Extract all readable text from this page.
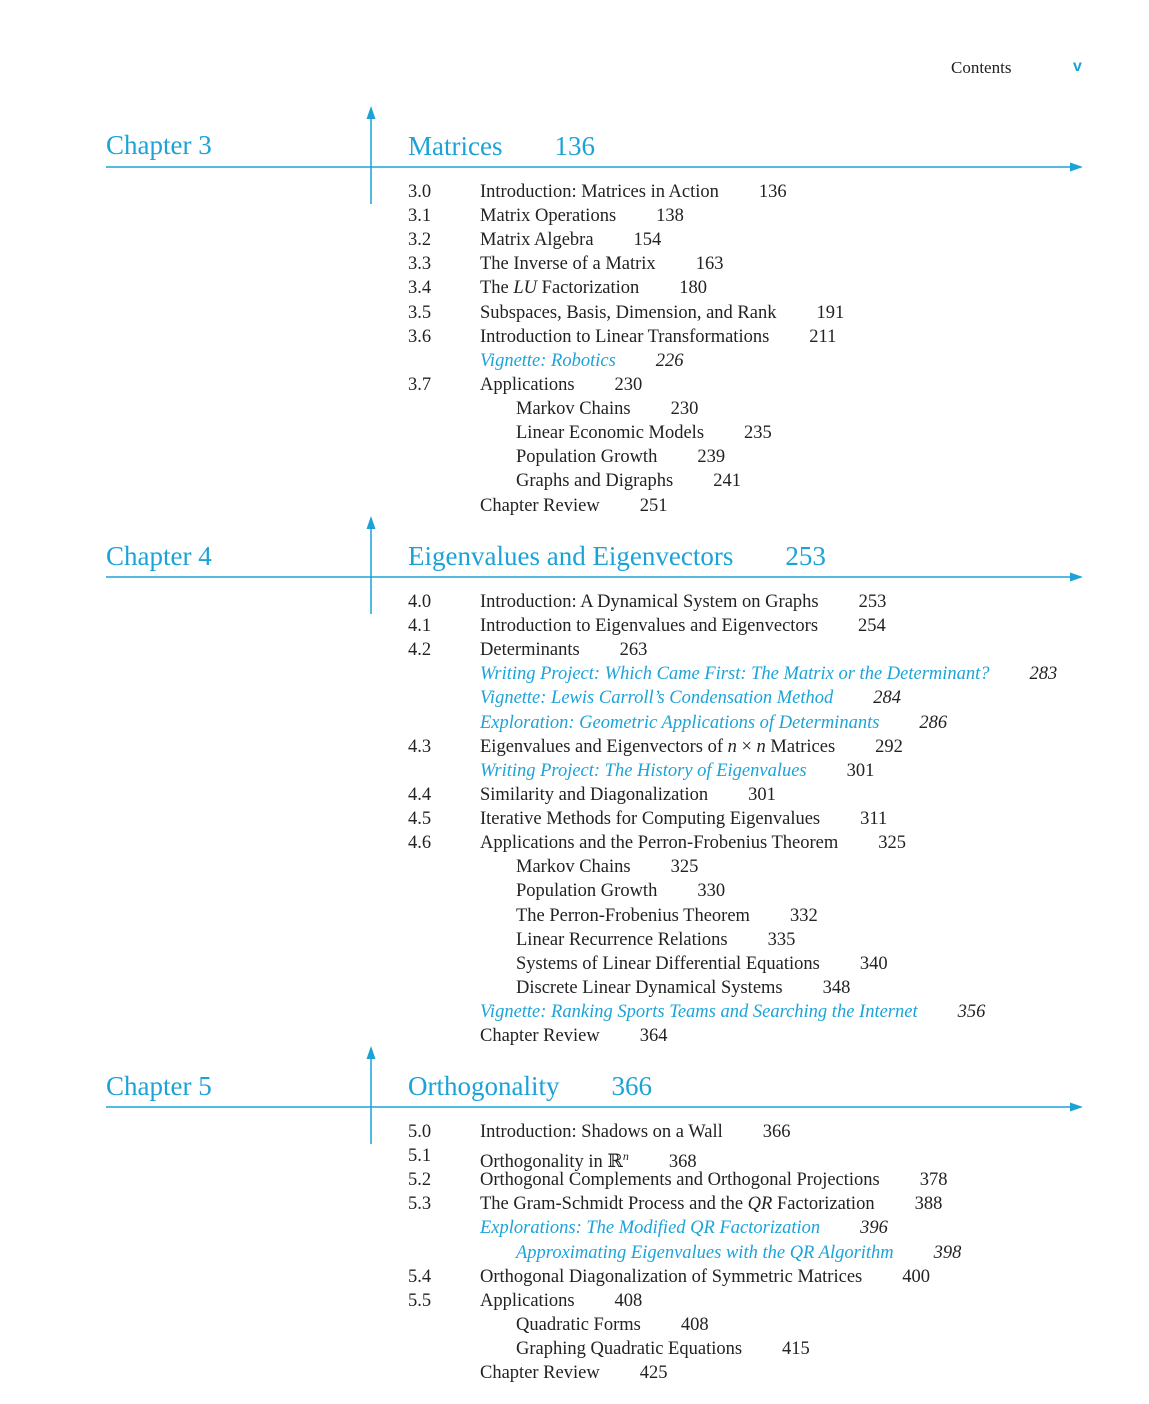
Contents	v
Chapter 3	Matrices 136
3.0	Introduction: Matrices in Action 136
3.1	Matrix Operations 138
3.2	Matrix Algebra 154
3.3	The Inverse of a Matrix 163
3.4	The LU Factorization 180
3.5	Subspaces, Basis, Dimension, and Rank 191
3.6	Introduction to Linear Transformations 211
Vignette: Robotics 226
3.7	Applications 230
Markov Chains 230
Linear Economic Models 235
Population Growth 239
Graphs and Digraphs 241
Chapter Review 251
Chapter 4	Eigenvalues and Eigenvectors 253
4.0	Introduction: A Dynamical System on Graphs 253
4.1	Introduction to Eigenvalues and Eigenvectors 254
4.2	Determinants 263
Writing Project: Which Came First: The Matrix or the Determinant? 283
Vignette: Lewis Carroll’s Condensation Method 284
Exploration: Geometric Applications of Determinants 286
4.3	Eigenvalues and Eigenvectors of n × n Matrices 292
Writing Project: The History of Eigenvalues 301
4.4	Similarity and Diagonalization 301
4.5	Iterative Methods for Computing Eigenvalues 311
4.6	Applications and the Perron-Frobenius Theorem 325
Markov Chains 325
Population Growth 330
The Perron-Frobenius Theorem 332
Linear Recurrence Relations 335
Systems of Linear Differential Equations 340
Discrete Linear Dynamical Systems 348
Vignette: Ranking Sports Teams and Searching the Internet 356
Chapter Review 364
Chapter 5	Orthogonality 366
5.0	Introduction: Shadows on a Wall 366
5.1	Orthogonality in ℝ$^n$ 368
5.2	Orthogonal Complements and Orthogonal Projections 378
5.3	The Gram-Schmidt Process and the QR Factorization 388
Explorations: The Modified QR Factorization 396
Approximating Eigenvalues with the QR Algorithm 398
5.4	Orthogonal Diagonalization of Symmetric Matrices 400
5.5	Applications 408
Quadratic Forms 408
Graphing Quadratic Equations 415
Chapter Review 425
